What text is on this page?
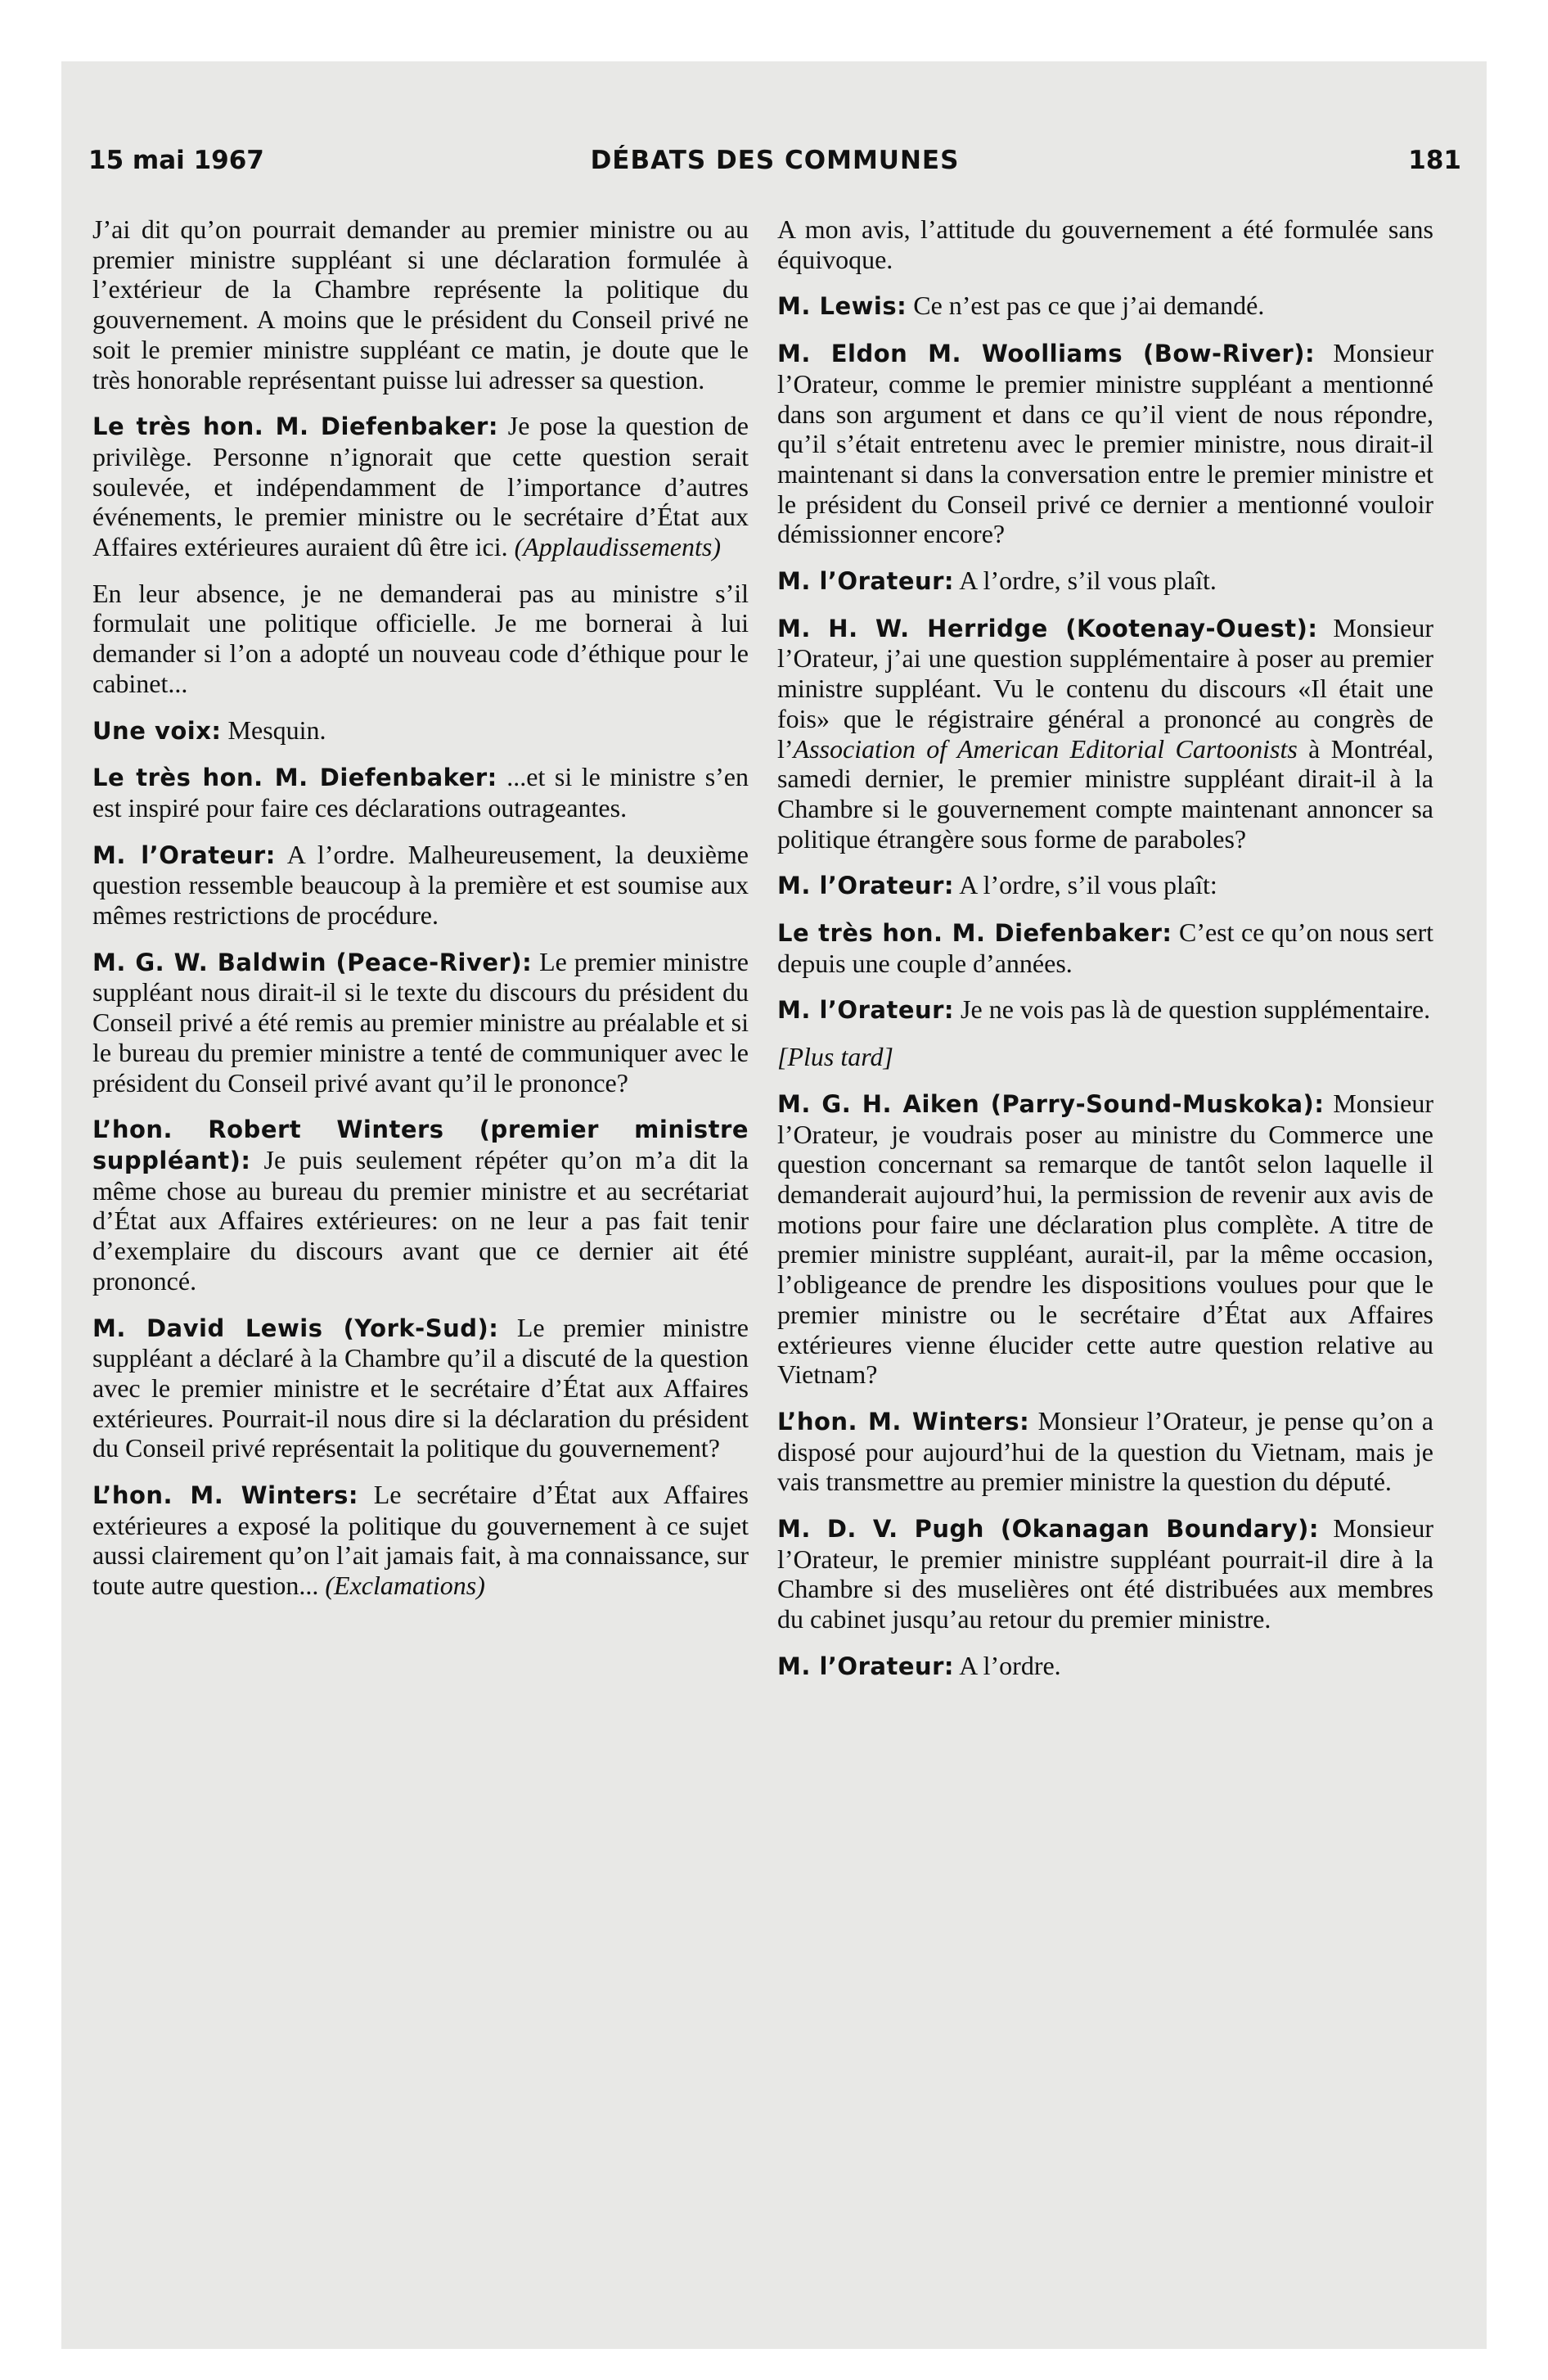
15 mai 1967	DÉBATS DES COMMUNES	181

J’ai dit qu’on pourrait demander au premier ministre ou au premier ministre suppléant si une déclaration formulée à l’extérieur de la Chambre représente la politique du gouvernement. A moins que le président du Conseil privé ne soit le premier ministre suppléant ce matin, je doute que le très honorable représentant puisse lui adresser sa question.

Le très hon. M. Diefenbaker: Je pose la question de privilège. Personne n’ignorait que cette question serait soulevée, et indépendamment de l’importance d’autres événements, le premier ministre ou le secrétaire d’État aux Affaires extérieures auraient dû être ici. (Applaudissements)

En leur absence, je ne demanderai pas au ministre s’il formulait une politique officielle. Je me bornerai à lui demander si l’on a adopté un nouveau code d’éthique pour le cabinet...

Une voix: Mesquin.

Le très hon. M. Diefenbaker: ...et si le ministre s’en est inspiré pour faire ces déclarations outrageantes.

M. l’Orateur: A l’ordre. Malheureusement, la deuxième question ressemble beaucoup à la première et est soumise aux mêmes restrictions de procédure.

M. G. W. Baldwin (Peace-River): Le premier ministre suppléant nous dirait-il si le texte du discours du président du Conseil privé a été remis au premier ministre au préalable et si le bureau du premier ministre a tenté de communiquer avec le président du Conseil privé avant qu’il le prononce?

L’hon. Robert Winters (premier ministre suppléant): Je puis seulement répéter qu’on m’a dit la même chose au bureau du premier ministre et au secrétariat d’État aux Affaires extérieures: on ne leur a pas fait tenir d’exemplaire du discours avant que ce dernier ait été prononcé.

M. David Lewis (York-Sud): Le premier ministre suppléant a déclaré à la Chambre qu’il a discuté de la question avec le premier ministre et le secrétaire d’État aux Affaires extérieures. Pourrait-il nous dire si la déclaration du président du Conseil privé représentait la politique du gouvernement?

L’hon. M. Winters: Le secrétaire d’État aux Affaires extérieures a exposé la politique du gouvernement à ce sujet aussi clairement qu’on l’ait jamais fait, à ma connaissance, sur toute autre question... (Exclamations)

A mon avis, l’attitude du gouvernement a été formulée sans équivoque.

M. Lewis: Ce n’est pas ce que j’ai demandé.

M. Eldon M. Woolliams (Bow-River): Monsieur l’Orateur, comme le premier ministre suppléant a mentionné dans son argument et dans ce qu’il vient de nous répondre, qu’il s’était entretenu avec le premier ministre, nous dirait-il maintenant si dans la conversation entre le premier ministre et le président du Conseil privé ce dernier a mentionné vouloir démissionner encore?

M. l’Orateur: A l’ordre, s’il vous plaît.

M. H. W. Herridge (Kootenay-Ouest): Monsieur l’Orateur, j’ai une question supplémentaire à poser au premier ministre suppléant. Vu le contenu du discours «Il était une fois» que le régistraire général a prononcé au congrès de l’Association of American Editorial Cartoonists à Montréal, samedi dernier, le premier ministre suppléant dirait-il à la Chambre si le gouvernement compte maintenant annoncer sa politique étrangère sous forme de paraboles?

M. l’Orateur: A l’ordre, s’il vous plaît:

Le très hon. M. Diefenbaker: C’est ce qu’on nous sert depuis une couple d’années.

M. l’Orateur: Je ne vois pas là de question supplémentaire.

[Plus tard]

M. G. H. Aiken (Parry-Sound-Muskoka): Monsieur l’Orateur, je voudrais poser au ministre du Commerce une question concernant sa remarque de tantôt selon laquelle il demanderait aujourd’hui, la permission de revenir aux avis de motions pour faire une déclaration plus complète. A titre de premier ministre suppléant, aurait-il, par la même occasion, l’obligeance de prendre les dispositions voulues pour que le premier ministre ou le secrétaire d’État aux Affaires extérieures vienne élucider cette autre question relative au Vietnam?

L’hon. M. Winters: Monsieur l’Orateur, je pense qu’on a disposé pour aujourd’hui de la question du Vietnam, mais je vais transmettre au premier ministre la question du député.

M. D. V. Pugh (Okanagan Boundary): Monsieur l’Orateur, le premier ministre suppléant pourrait-il dire à la Chambre si des muselières ont été distribuées aux membres du cabinet jusqu’au retour du premier ministre.

M. l’Orateur: A l’ordre.
